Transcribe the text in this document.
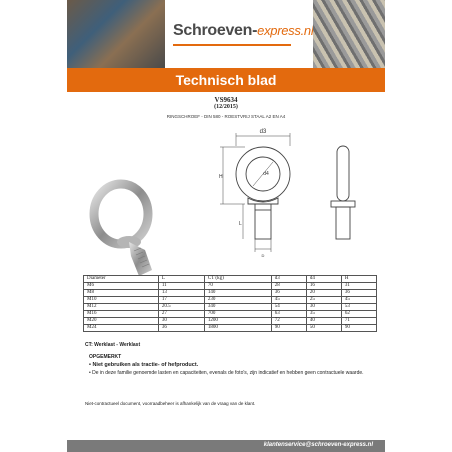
Schroeven-express.nl
Technisch blad
VS9634
(12/2015)
RINGSCHROEF - DIN 580 - ROESTVRIJ STAAL A2 EN A4
d3
d4
H
L
D
Diameter	L	CT (kg)	d3	d4	H
M6	11	70	28	16	31
M8	13	140	36	20	36
M10	17	230	45	25	45
M12	20.5	340	54	30	53
M16	27	700	63	35	62
M20	30	1200	72	40	71
M24	36	1800	90	50	90
CT: Werklast - Werklast
OPGEMERKT
• Niet gebruiken als tractie- of hefproduct.
• De in deze familie genoemde lasten en capaciteiten, evenals de foto's, zijn indicatief en hebben geen contractuele waarde.
Niet-contractueel document, voorraadbeheer is afhankelijk van de vraag van de klant.
klantenservice@schroeven-express.nl
